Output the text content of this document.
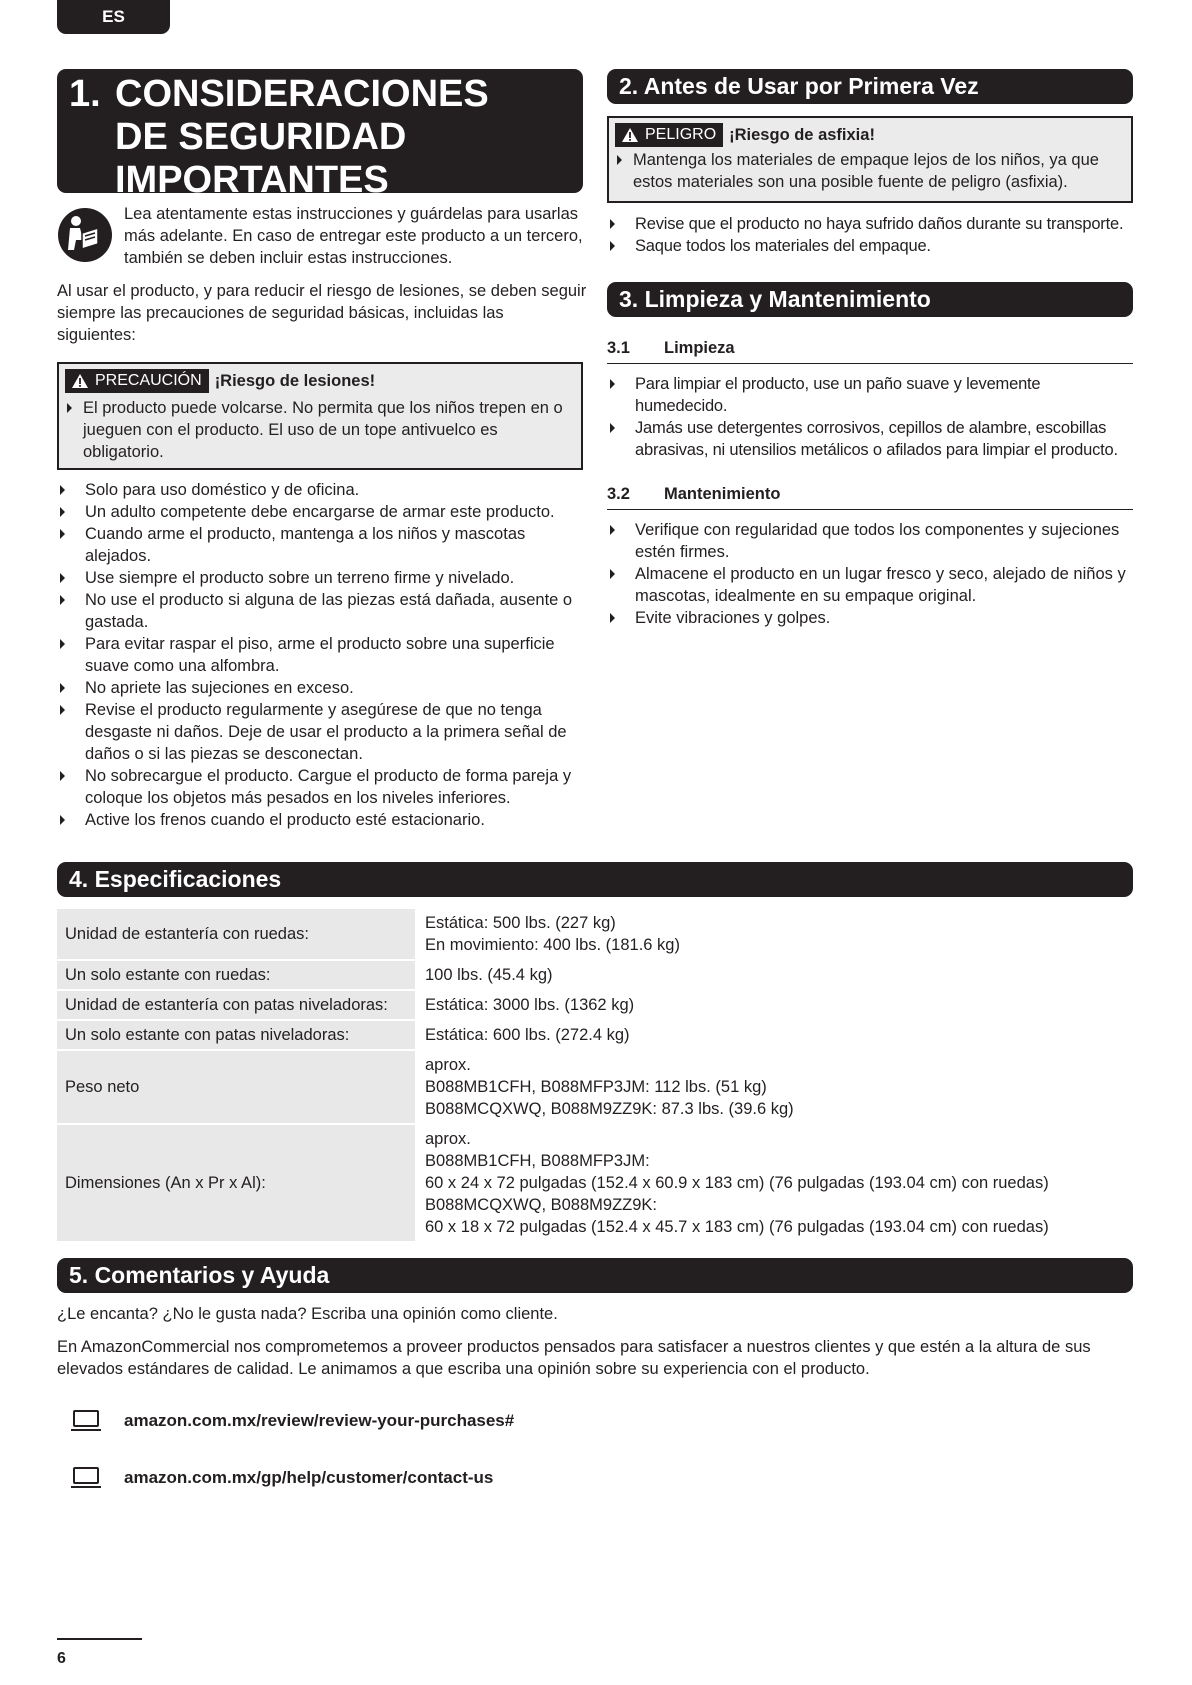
ES
1. CONSIDERACIONES
DE SEGURIDAD
IMPORTANTES

Lea atentamente estas instrucciones y guárdelas para usarlas más adelante. En caso de entregar este producto a un tercero, también se deben incluir estas instrucciones.

Al usar el producto, y para reducir el riesgo de lesiones, se deben seguir siempre las precauciones de seguridad básicas, incluidas las siguientes:

PRECAUCIÓN ¡Riesgo de lesiones!
El producto puede volcarse. No permita que los niños trepen en o jueguen con el producto. El uso de un tope antivuelco es obligatorio.
Solo para uso doméstico y de oficina.
Un adulto competente debe encargarse de armar este producto.
Cuando arme el producto, mantenga a los niños y mascotas alejados.
Use siempre el producto sobre un terreno firme y nivelado.
No use el producto si alguna de las piezas está dañada, ausente o gastada.
Para evitar raspar el piso, arme el producto sobre una superficie suave como una alfombra.
No apriete las sujeciones en exceso.
Revise el producto regularmente y asegúrese de que no tenga desgaste ni daños. Deje de usar el producto a la primera señal de daños o si las piezas se desconectan.
No sobrecargue el producto. Cargue el producto de forma pareja y coloque los objetos más pesados en los niveles inferiores.
Active los frenos cuando el producto esté estacionario.
2. Antes de Usar por Primera Vez
PELIGRO ¡Riesgo de asfixia!
Mantenga los materiales de empaque lejos de los niños, ya que estos materiales son una posible fuente de peligro (asfixia).
Revise que el producto no haya sufrido daños durante su transporte.
Saque todos los materiales del empaque.
3. Limpieza y Mantenimiento
3.1 Limpieza
Para limpiar el producto, use un paño suave y levemente humedecido.
Jamás use detergentes corrosivos, cepillos de alambre, escobillas abrasivas, ni utensilios metálicos o afilados para limpiar el producto.
3.2 Mantenimiento
Verifique con regularidad que todos los componentes y sujeciones estén firmes.
Almacene el producto en un lugar fresco y seco, alejado de niños y mascotas, idealmente en su empaque original.
Evite vibraciones y golpes.
4. Especificaciones
Unidad de estantería con ruedas:	Estática: 500 lbs. (227 kg)
En movimiento: 400 lbs. (181.6 kg)

Un solo estante con ruedas:	100 lbs. (45.4 kg)

Unidad de estantería con patas niveladoras:	Estática: 3000 lbs. (1362 kg)

Un solo estante con patas niveladoras:	Estática: 600 lbs. (272.4 kg)

Peso neto	aprox.
B088MB1CFH, B088MFP3JM: 112 lbs. (51 kg)
B088MCQXWQ, B088M9ZZ9K: 87.3 lbs. (39.6 kg)

Dimensiones (An x Pr x Al):	aprox.
B088MB1CFH, B088MFP3JM:
60 x 24 x 72 pulgadas (152.4 x 60.9 x 183 cm) (76 pulgadas (193.04 cm) con ruedas)
B088MCQXWQ, B088M9ZZ9K:
60 x 18 x 72 pulgadas (152.4 x 45.7 x 183 cm) (76 pulgadas (193.04 cm) con ruedas)
5. Comentarios y Ayuda

¿Le encanta? ¿No le gusta nada? Escriba una opinión como cliente.

En AmazonCommercial nos comprometemos a proveer productos pensados para satisfacer a nuestros clientes y que estén a la altura de sus elevados estándares de calidad. Le animamos a que escriba una opinión sobre su experiencia con el producto.

amazon.com.mx/review/review-your-purchases#
amazon.com.mx/gp/help/customer/contact-us
6
